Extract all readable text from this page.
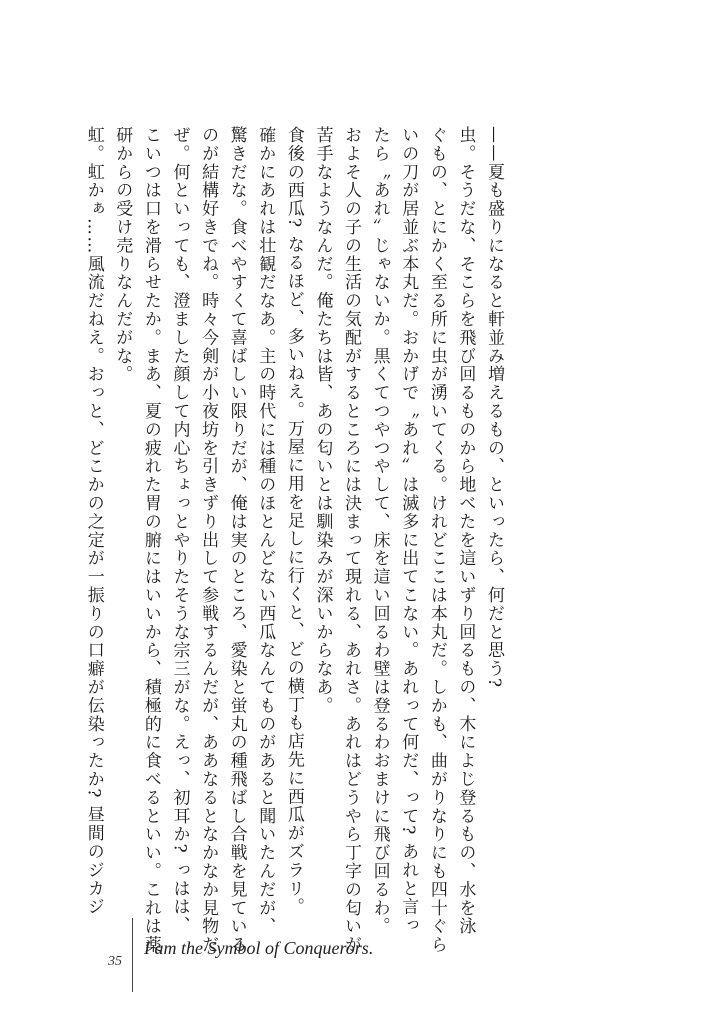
——夏も盛りになると軒並み増えるもの、といったら、何だと思う?

虫。そうだな、そこらを飛び回るものから地べたを這いずり回るもの、木によじ登るもの、水を泳

ぐもの、とにかく至る所に虫が湧いてくる。けれどここは本丸だ。しかも、曲がりなりにも四十ぐら

いの刀が居並ぶ本丸だ。おかげで〝あれ〟は滅多に出てこない。あれって何だ、って? あれと言っ

たら〝あれ〟じゃないか。黒くてつやつやして、床を這い回るわ壁は登るわおまけに飛び回るわ。

およそ人の子の生活の気配がするところには決まって現れる、あれさ。あれはどうやら丁字の匂いが

苦手なようなんだ。俺たちは皆、あの匂いとは馴染みが深いからなあ。

食後の西瓜? なるほど、多いねえ。万屋に用を足しに行くと、どの横丁も店先に西瓜がズラリ。

確かにあれは壮観だなあ。主の時代には種のほとんどない西瓜なんてものがあると聞いたんだが、

驚きだな。食べやすくて喜ばしい限りだが、俺は実のところ、愛染と蛍丸の種飛ばし合戦を見ている

のが結構好きでね。時々今剣が小夜坊を引きずり出して参戦するんだが、ああなるとなかなか見物だ

ぜ。何といっても、澄ました顔して内心ちょっとやりたそうな宗三がな。えっ、初耳か? っはは、

こいつは口を滑らせたか。まあ、夏の疲れた胃の腑にはいいから、積極的に食べるといい。これは薬

研からの受け売りなんだがな。

虹。虹かぁ……風流だねえ。おっと、どこかの之定が一振りの口癖が伝染ったか? 昼間のジカジ

35
I am the Symbol of Conquerors.
